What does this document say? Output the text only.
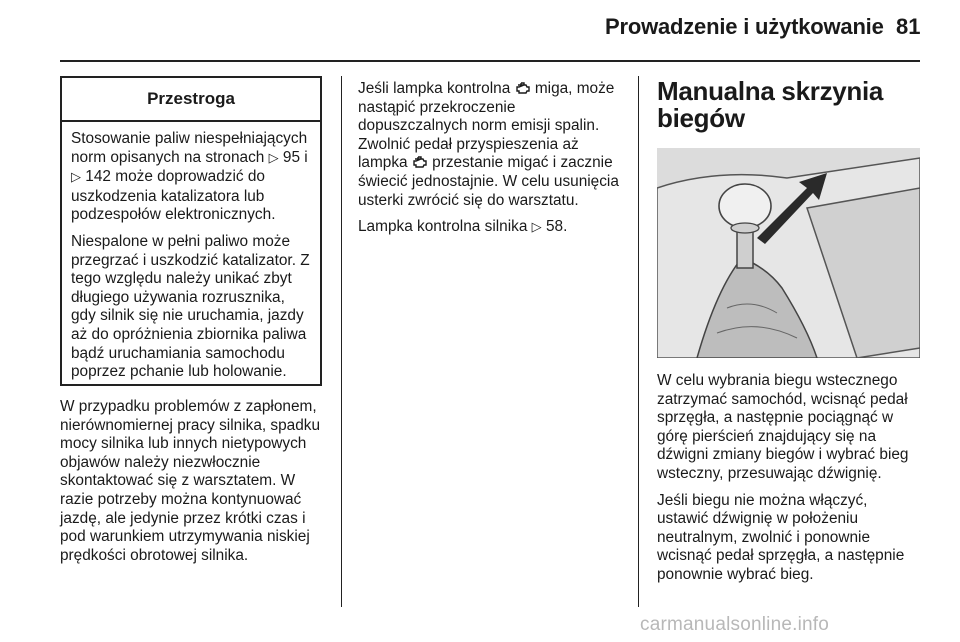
Prowadzenie i użytkowanie 81
Przestroga

Stosowanie paliw niespełniających norm opisanych na stronach ▷ 95 i ▷ 142 może doprowadzić do uszkodzenia katalizatora lub podzespołów elektronicznych.

Niespalone w pełni paliwo może przegrzać i uszkodzić katalizator. Z tego względu należy unikać zbyt długiego używania rozrusznika, gdy silnik się nie uruchamia, jazdy aż do opróżnienia zbiornika paliwa bądź uruchamiania samochodu poprzez pchanie lub holowanie.

W przypadku problemów z zapłonem, nierównomiernej pracy silnika, spadku mocy silnika lub innych nietypowych objawów należy niezwłocznie skontaktować się z warsztatem. W razie potrzeby można kontynuować jazdę, ale jedynie przez krótki czas i pod warunkiem utrzymywania niskiej prędkości obrotowej silnika.

Jeśli lampka kontrolna  miga, może nastąpić przekroczenie dopuszczalnych norm emisji spalin. Zwolnić pedał przyspieszenia aż lampka  przestanie migać i zacznie świecić jednostajnie. W celu usunięcia usterki zwrócić się do warsztatu.

Lampka kontrolna silnika ▷ 58.

Manualna skrzynia biegów

W celu wybrania biegu wstecznego zatrzymać samochód, wcisnąć pedał sprzęgła, a następnie pociągnąć w górę pierścień znajdujący się na dźwigni zmiany biegów i wybrać bieg wsteczny, przesuwając dźwignię.

Jeśli biegu nie można włączyć, ustawić dźwignię w położeniu neutralnym, zwolnić i ponownie wcisnąć pedał sprzęgła, a następnie ponownie wybrać bieg.

carmanualsonline.info
